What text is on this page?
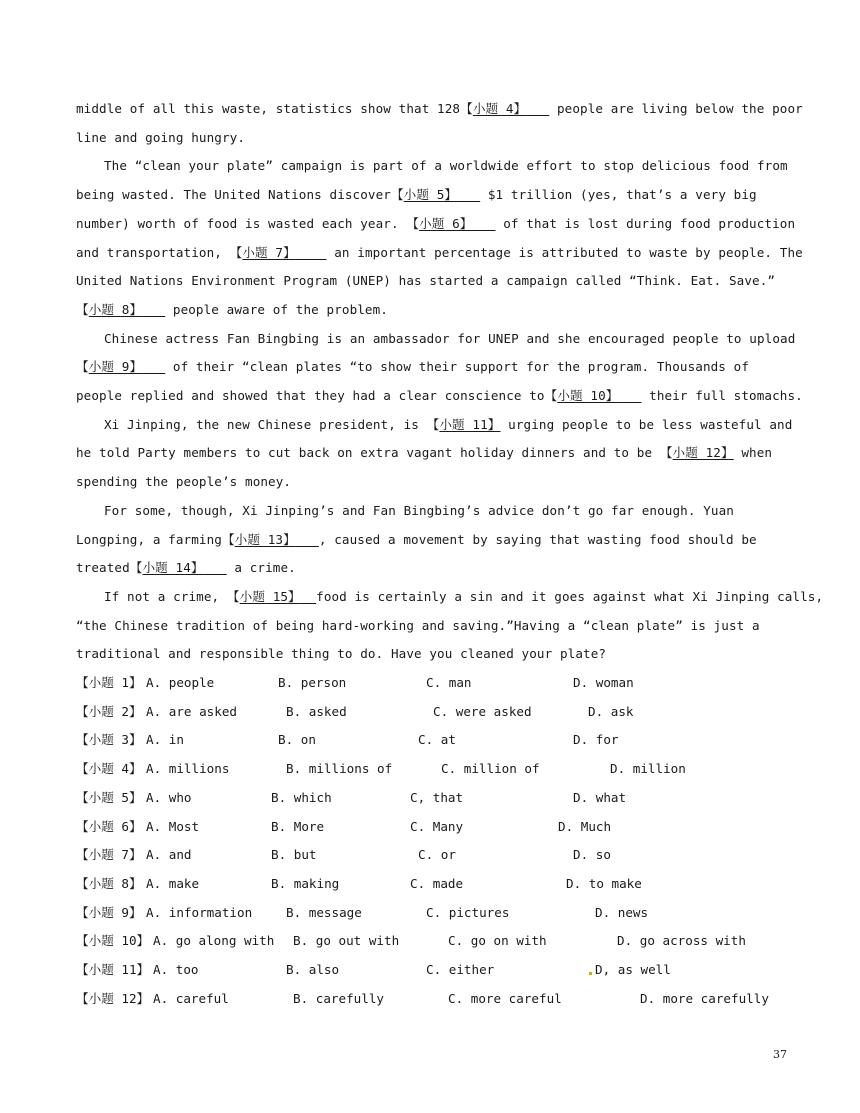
middle of all this waste, statistics show that 128【小题 4】    people are living below the poor
line and going hungry.
The “clean your plate” campaign is part of a worldwide effort to stop delicious food from
being wasted. The United Nations discover【小题 5】    $1 trillion (yes, that’s a very big
number) worth of food is wasted each year. 【小题 6】    of that is lost during food production
and transportation, 【小题 7】     an important percentage is attributed to waste by people. The
United Nations Environment Program (UNEP) has started a campaign called “Think. Eat. Save.”
【小题 8】    people aware of the problem.
Chinese actress Fan Bingbing is an ambassador for UNEP and she encouraged people to upload
【小题 9】    of their “clean plates “to show their support for the program. Thousands of
people replied and showed that they had a clear conscience to【小题 10】    their full stomachs.
Xi Jinping, the new Chinese president, is 【小题 11】 urging people to be less wasteful and
he told Party members to cut back on extra vagant holiday dinners and to be 【小题 12】 when
spending the people’s money.
For some, though, Xi Jinping’s and Fan Bingbing’s advice don’t go far enough. Yuan
Longping, a farming【小题 13】 , caused a movement by saying that wasting food should be
treated【小题 14】    a crime.
If not a crime, 【小题 15】 food is certainly a sin and it goes against what Xi Jinping calls,
“the Chinese tradition of being hard-working and saving.”Having a “clean plate” is just a
traditional and responsible thing to do. Have you cleaned your plate?
【小题 1】 A. people	B. person	C. man	D. woman
【小题 2】 A. are asked	B. asked	C. were asked	D. ask
【小题 3】 A. in	B. on	C. at	D. for
【小题 4】 A. millions	B. millions of	C. million of	D. million
【小题 5】 A. who	B. which	C, that	D. what
【小题 6】 A. Most	B. More	C. Many	D. Much
【小题 7】 A. and	B. but	C. or	D. so
【小题 8】 A. make	B. making	C. made	D. to make
【小题 9】 A. information	B. message	C. pictures	D. news
【小题 10】 A. go along with B. go out with	C. go on with	D. go across with
【小题 11】 A. too	B. also	C. either	D, as well
【小题 12】 A. careful	B. carefully	C. more careful	D. more carefully
37
